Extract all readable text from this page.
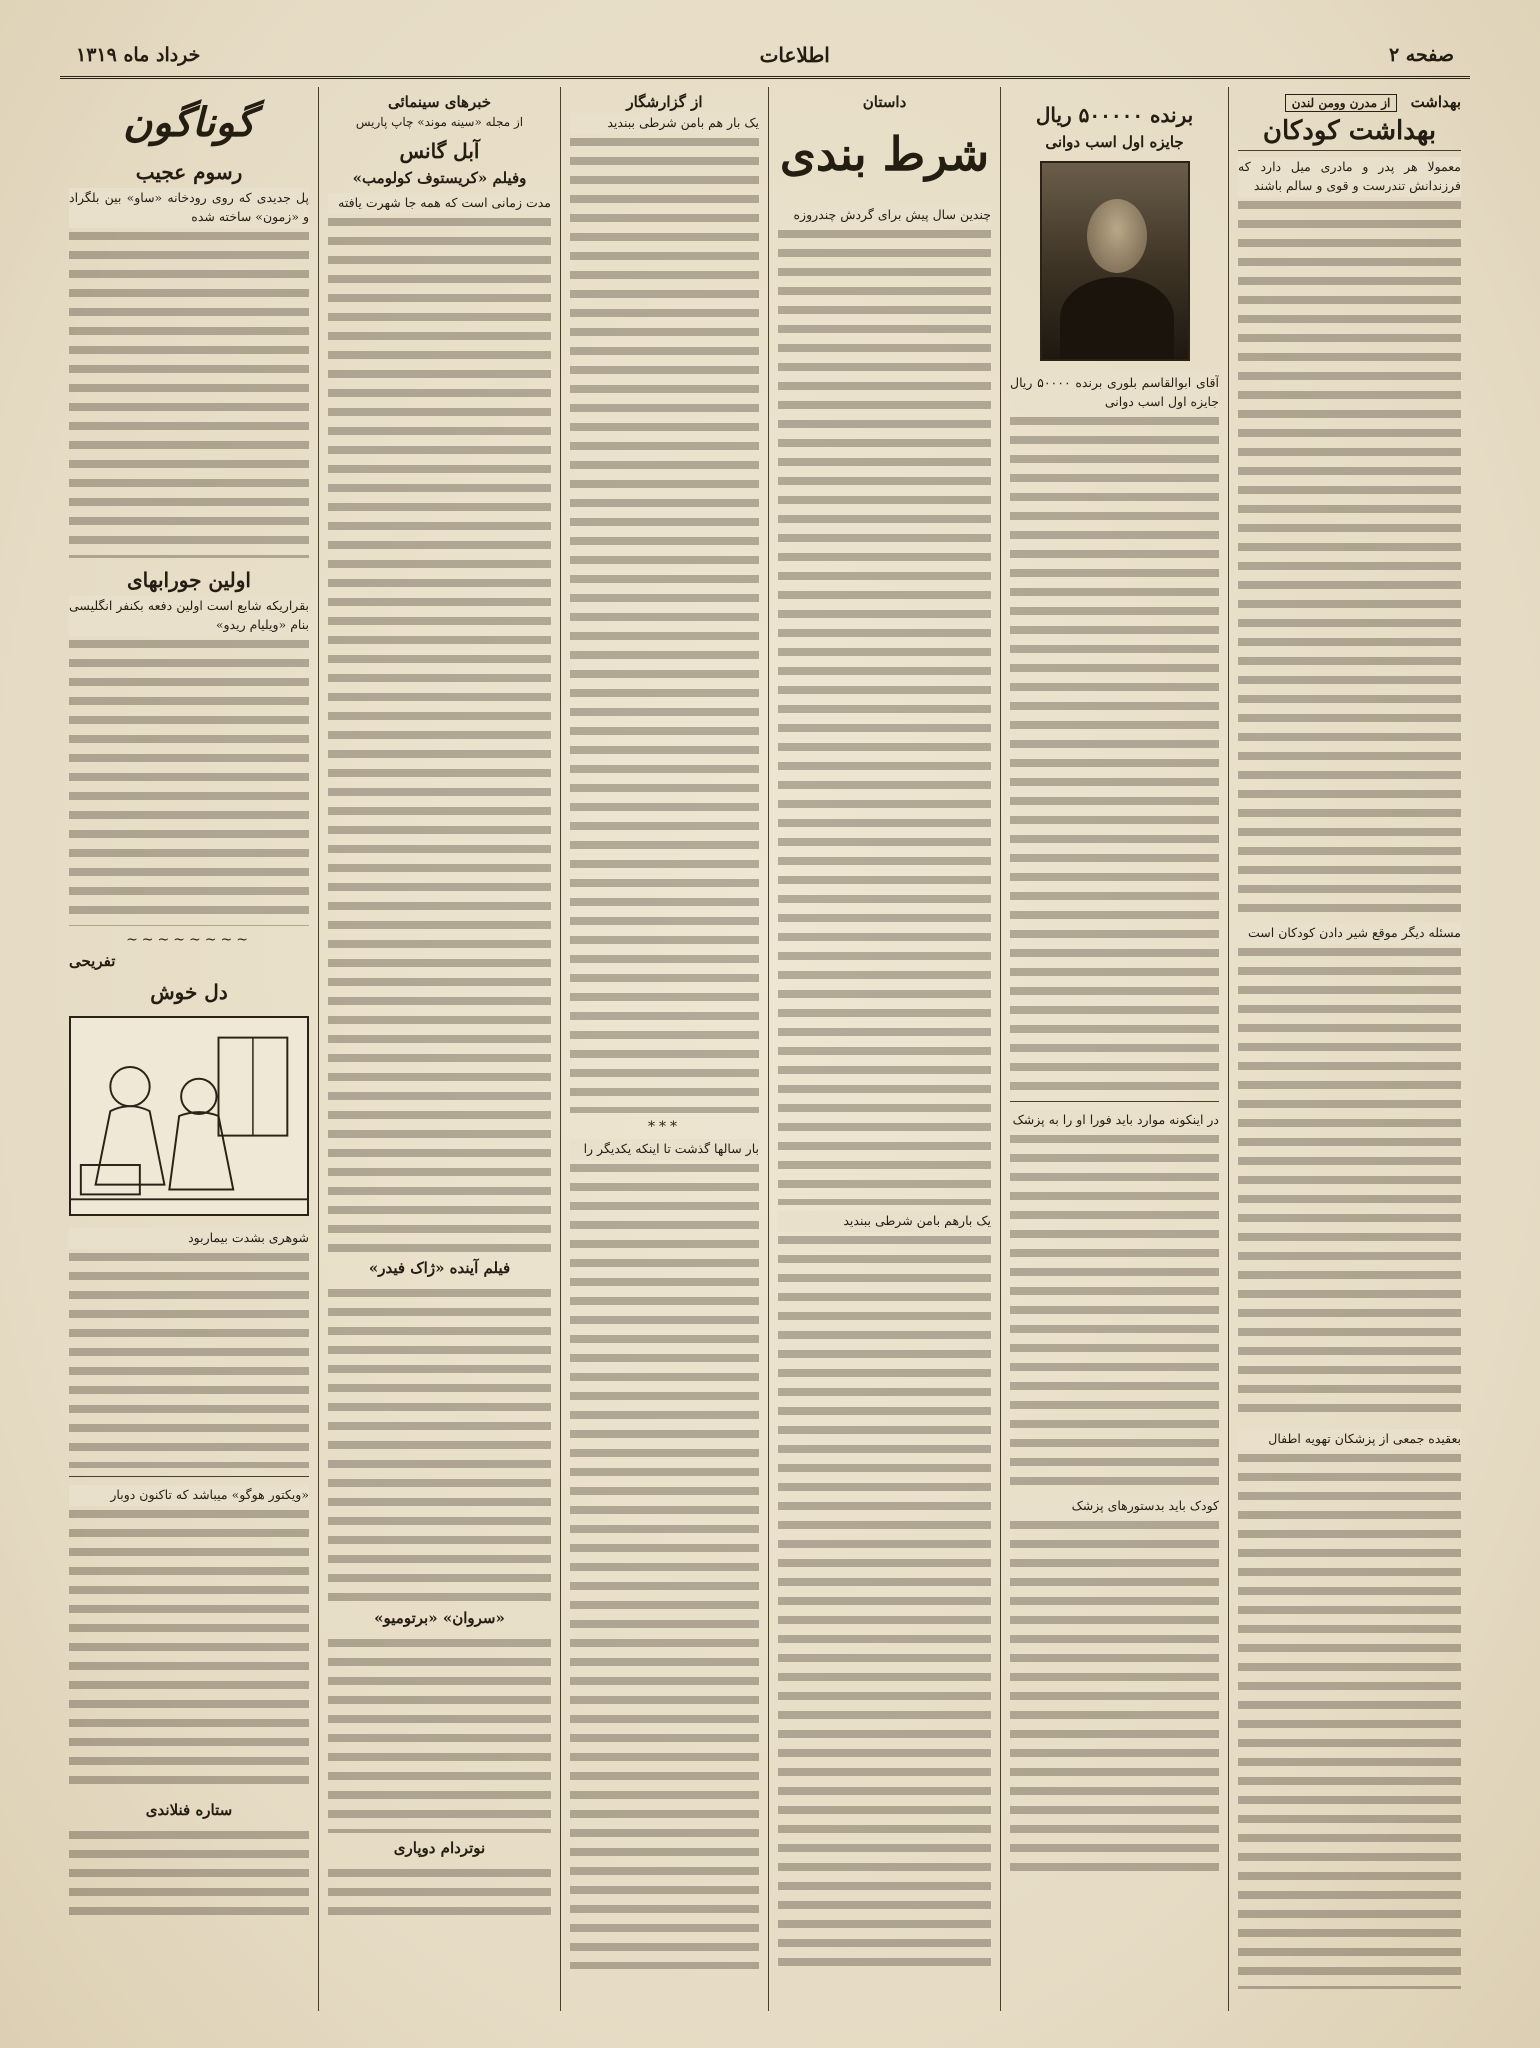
صفحه ۲
اطلاعات
خرداد ماه ۱۳۱۹
بهداشت از مدرن وومن لندن
بهداشت کودکان
معمولا هر پدر و مادری میل دارد که فرزندانش تندرست و قوی و سالم باشند
مسئله دیگر موقع شیر دادن کودکان است
بعقیده جمعی از پزشکان تهویه اطفال
برنده ۵۰۰۰۰۰ ریال
جایزه اول اسب دوانی
آقای ابوالقاسم بلوری برنده ۵۰۰۰۰ ریال جایزه اول اسب دوانی
در اینکونه موارد باید فورا او را به پزشک
کودک باید بدستورهای پزشک
داستان
شرط بندی
چندین سال پیش برای گردش چندروزه
یک بارهم بامن شرطی ببندید
از گزارشگار
یک بار هم بامن شرطی ببندید
***
بار سالها گذشت تا اینکه یکدیگر را
خبرهای سینمائی
از مجله «سینه موند» چاپ پاریس
آبل گانس
وفیلم «کریستوف کولومب»
مدت زمانی است که همه جا شهرت یافته
فیلم آینده «ژاک فیدر»
«سروان» «برتومیو»
نوتردام دوپاری
گوناگون
رسوم عجیب
پل جدیدی که روی رودخانه «ساو» بین بلگراد و «زمون» ساخته شده
اولین جورابهای
بقراریکه شایع است اولین دفعه بکنفر انگلیسی بنام «ویلیام ریدو»
~~~~~~~~
تفریحی
دل خوش
شوهری بشدت بیماربود
«ویکتور هوگو» میباشد که تاکنون دوبار
ستاره فنلاندی
